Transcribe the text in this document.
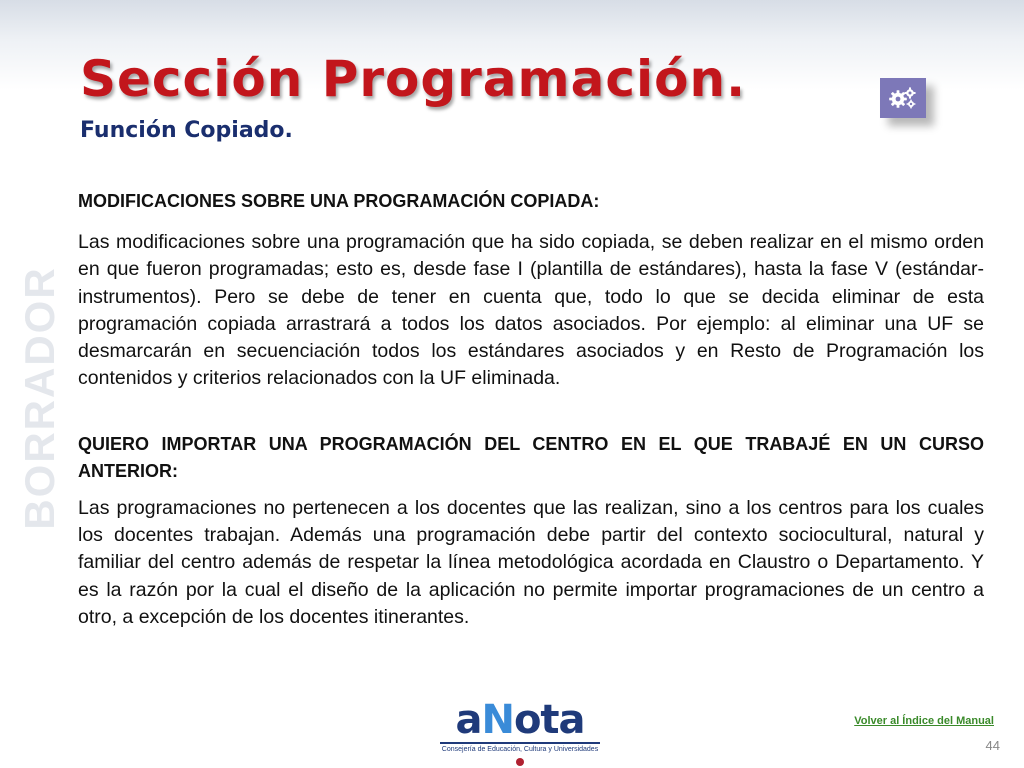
Sección Programación.
Función Copiado.
BORRADOR

MODIFICACIONES SOBRE UNA PROGRAMACIÓN COPIADA:

Las modificaciones sobre una programación que ha sido copiada, se deben realizar en el mismo orden en que fueron programadas; esto es, desde fase I (plantilla de estándares), hasta la fase V (estándar-instrumentos). Pero se debe de tener en cuenta que, todo lo que se decida eliminar de esta programación copiada arrastrará a todos los datos asociados. Por ejemplo: al eliminar una UF se desmarcarán en secuenciación todos los estándares asociados y en Resto de Programación los contenidos y criterios relacionados con la UF eliminada.

QUIERO IMPORTAR UNA PROGRAMACIÓN DEL CENTRO EN EL QUE TRABAJÉ EN UN CURSO ANTERIOR:

Las programaciones no pertenecen a los docentes que las realizan, sino a los centros para los cuales los docentes trabajan. Además una programación debe partir del contexto sociocultural, natural y familiar del centro además de respetar la línea metodológica acordada en Claustro o Departamento. Y es la razón por la cual el diseño de la aplicación no permite importar programaciones de un centro a otro, a excepción de los docentes itinerantes.

aNota
Consejería de Educación, Cultura y Universidades
Volver al Índice del Manual
44
